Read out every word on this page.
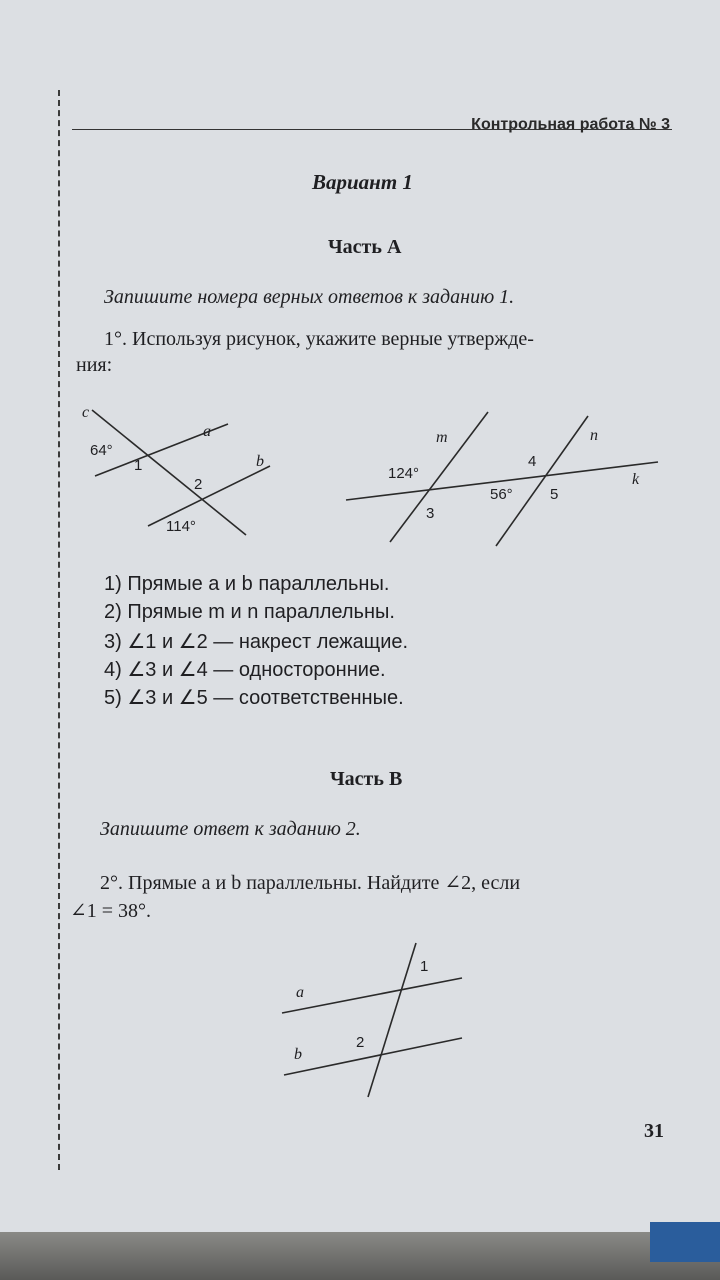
Контрольная работа № 3
Вариант 1
Часть А
Запишите номера верных ответов к заданию 1.
1°. Используя рисунок, укажите верные утвержде-
ния:
c
a
b
64°
1
2
114°
m	n
k
124°
3
4
56° 5
1) Прямые a и b параллельны.
2) Прямые m и n параллельны.
3) ∠1 и ∠2 — накрест лежащие.
4) ∠3 и ∠4 — односторонние.
5) ∠3 и ∠5 — соответственные.
Часть В
Запишите ответ к заданию 2.
2°. Прямые a и b параллельны. Найдите ∠2, если
∠1 = 38°.
a
b
1
2
31
